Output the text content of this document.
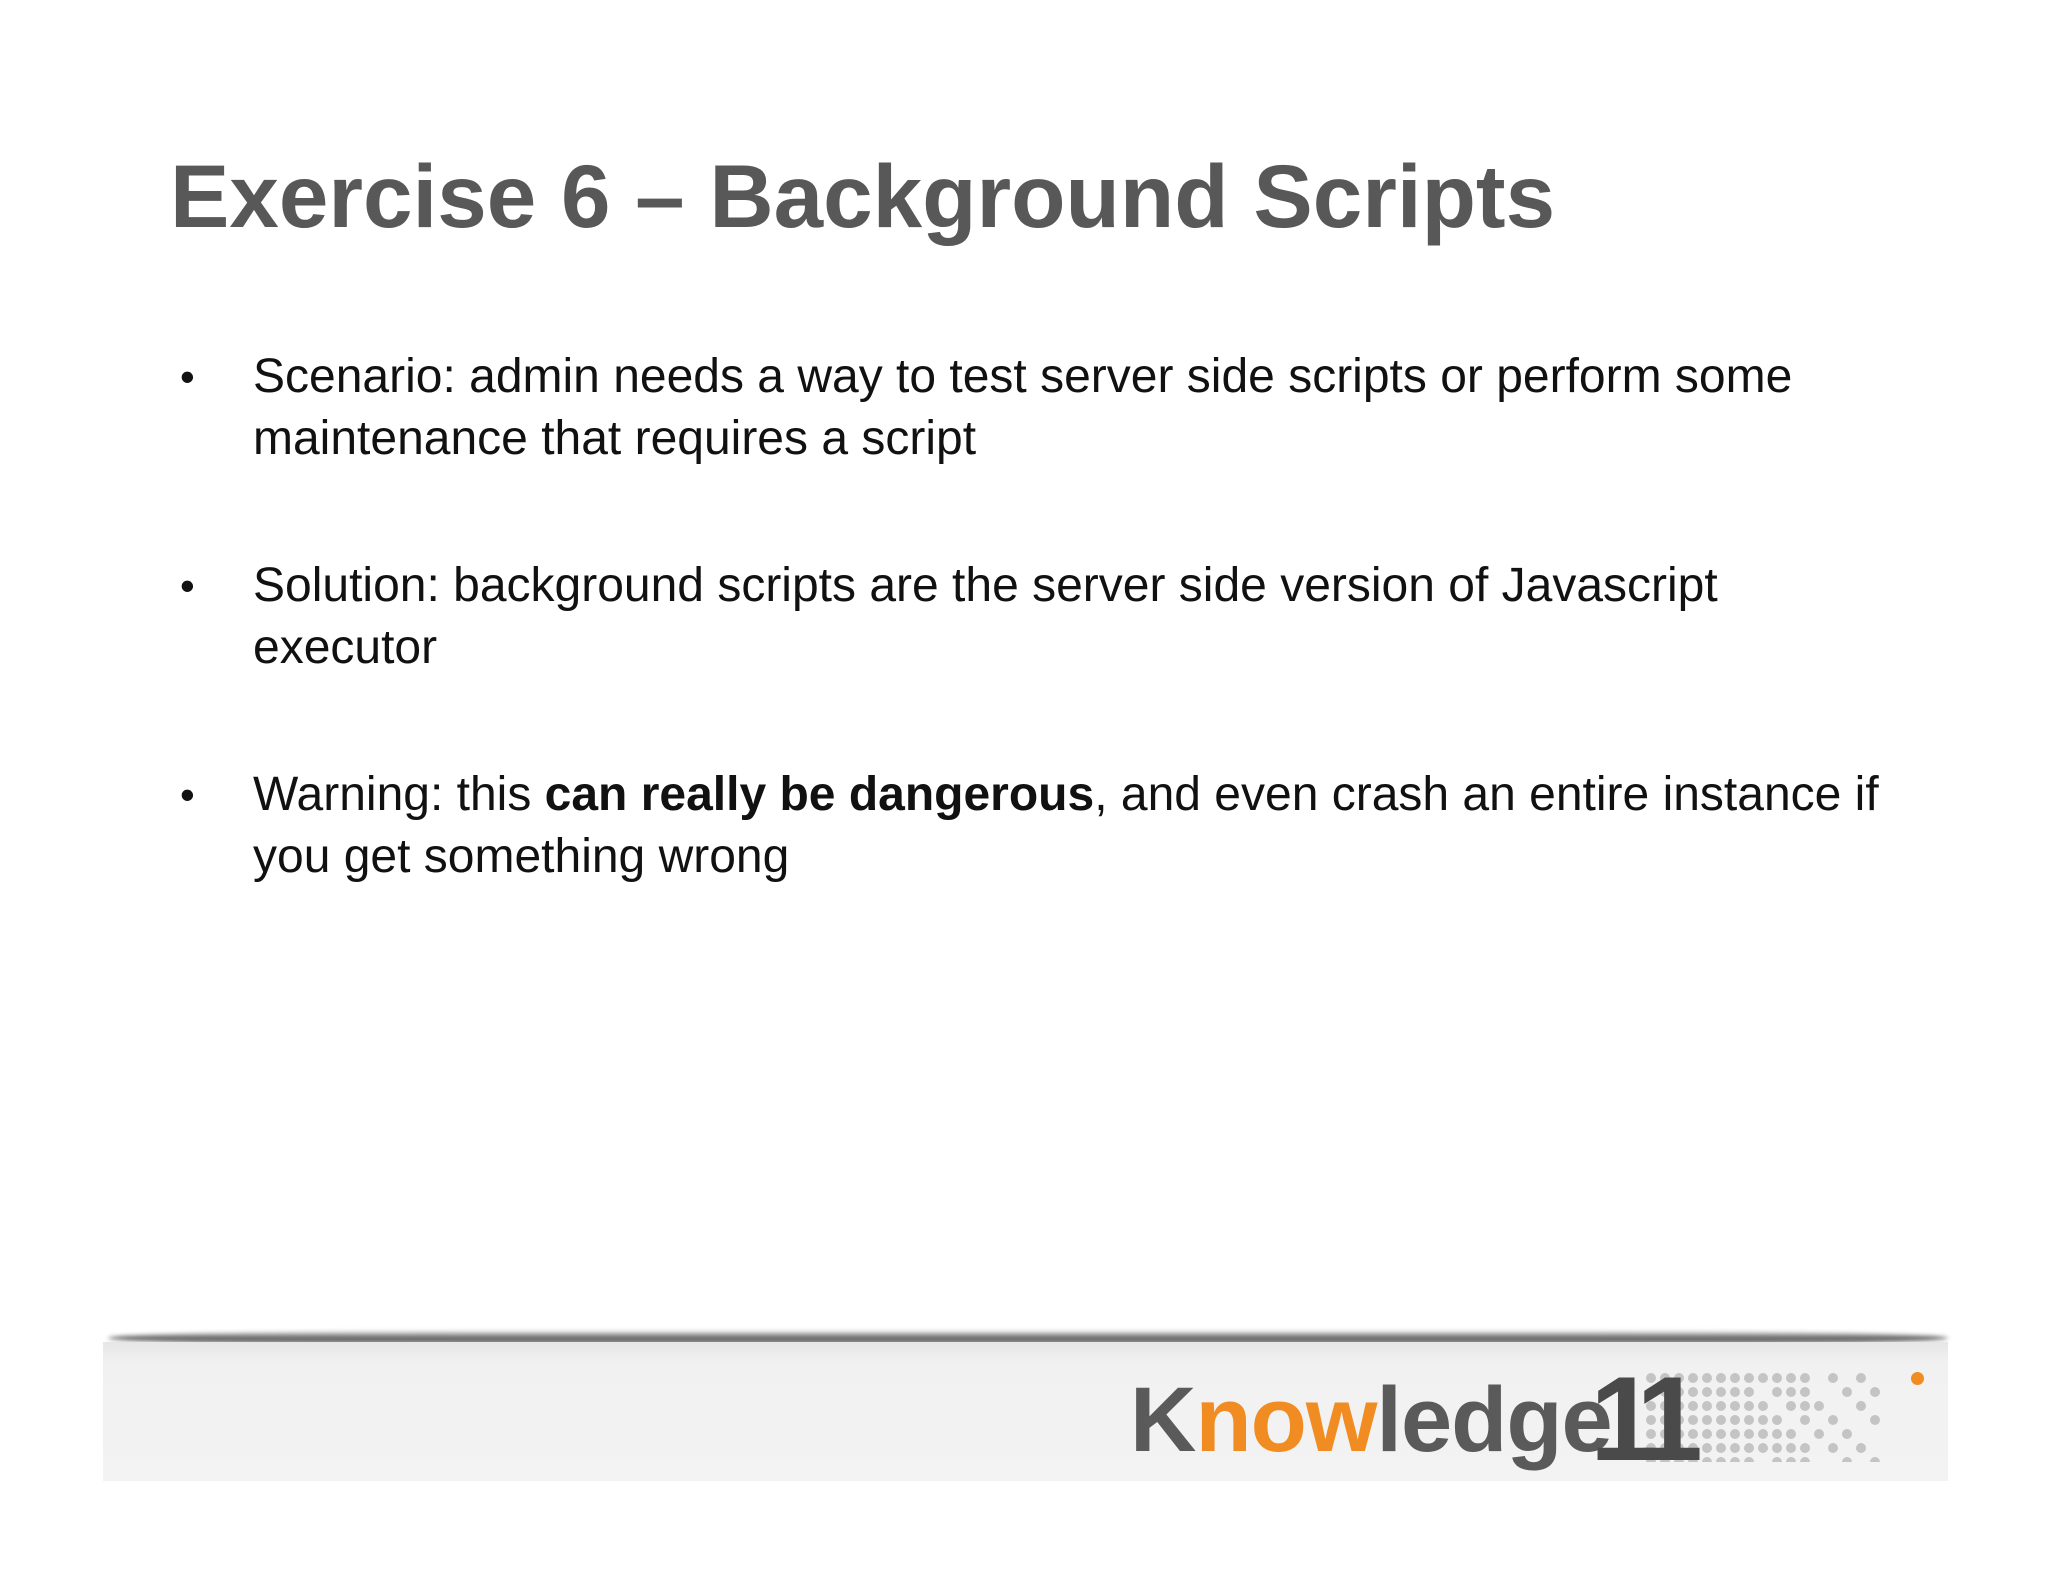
Exercise 6 – Background Scripts
• Scenario: admin needs a way to test server side scripts or perform some maintenance that requires a script
• Solution: background scripts are the server side version of Javascript executor
• Warning: this can really be dangerous, and even crash an entire instance if you get something wrong
Knowledge
11
